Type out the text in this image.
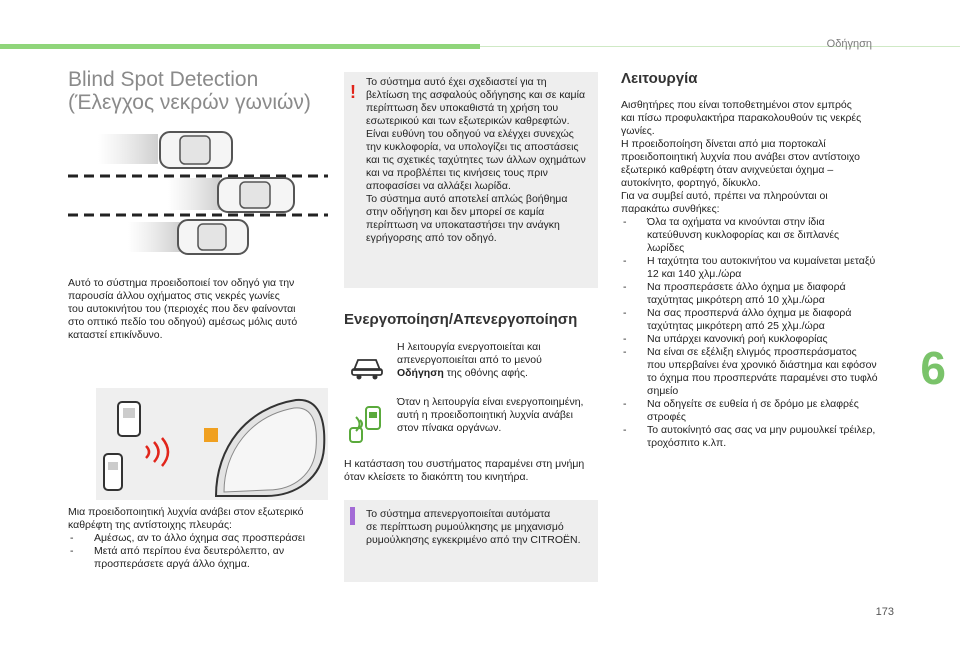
Οδήγηση
6
173
Blind Spot Detection
(Έλεγχος νεκρών γωνιών)

Αυτό το σύστημα προειδοποιεί τον οδηγό για την

παρουσία άλλου οχήματος στις νεκρές γωνίες

του αυτοκινήτου του (περιοχές που δεν φαίνονται

στο οπτικό πεδίο του οδηγού) αμέσως μόλις αυτό

καταστεί επικίνδυνο.

Μια προειδοποιητική λυχνία ανάβει στον εξωτερικό

καθρέφτη της αντίστοιχης πλευράς:

- Αμέσως, αν το άλλο όχημα σας προσπεράσει
- Μετά από περίπου ένα δευτερόλεπτο, αν
προσπεράσετε αργά άλλο όχημα.
! Το σύστημα αυτό έχει σχεδιαστεί για τη

βελτίωση της ασφαλούς οδήγησης και σε καμία

περίπτωση δεν υποκαθιστά τη χρήση του

εσωτερικού και των εξωτερικών καθρεφτών.

Είναι ευθύνη του οδηγού να ελέγχει συνεχώς

την κυκλοφορία, να υπολογίζει τις αποστάσεις

και τις σχετικές ταχύτητες των άλλων οχημάτων

και να προβλέπει τις κινήσεις τους πριν

αποφασίσει να αλλάξει λωρίδα.

Το σύστημα αυτό αποτελεί απλώς βοήθημα

στην οδήγηση και δεν μπορεί σε καμία

περίπτωση να υποκαταστήσει την ανάγκη

εγρήγορσης από τον οδηγό.

Ενεργοποίηση/Απενεργοποίηση

Η λειτουργία ενεργοποιείται και

απενεργοποιείται από το μενού

Οδήγηση της οθόνης αφής.

Όταν η λειτουργία είναι ενεργοποιημένη,

αυτή η προειδοποιητική λυχνία ανάβει

στον πίνακα οργάνων.

Η κατάσταση του συστήματος παραμένει στη μνήμη

όταν κλείσετε το διακόπτη του κινητήρα.

Το σύστημα απενεργοποιείται αυτόματα

σε περίπτωση ρυμούλκησης με μηχανισμό

ρυμούλκησης εγκεκριμένο από την CITROËN.

Λειτουργία

Αισθητήρες που είναι τοποθετημένοι στον εμπρός

και πίσω προφυλακτήρα παρακολουθούν τις νεκρές

γωνίες.

Η προειδοποίηση δίνεται από μια πορτοκαλί

προειδοποιητική λυχνία που ανάβει στον αντίστοιχο

εξωτερικό καθρέφτη όταν ανιχνεύεται όχημα –

αυτοκίνητο, φορτηγό, δίκυκλο.

Για να συμβεί αυτό, πρέπει να πληρούνται οι

παρακάτω συνθήκες:

- Όλα τα οχήματα να κινούνται στην ίδια
κατεύθυνση κυκλοφορίας και σε διπλανές
λωρίδες
- Η ταχύτητα του αυτοκινήτου να κυμαίνεται μεταξύ
12 και 140 χλμ./ώρα
- Να προσπεράσετε άλλο όχημα με διαφορά
ταχύτητας μικρότερη από 10 χλμ./ώρα
- Να σας προσπερνά άλλο όχημα με διαφορά
ταχύτητας μικρότερη από 25 χλμ./ώρα
- Να υπάρχει κανονική ροή κυκλοφορίας
- Να είναι σε εξέλιξη ελιγμός προσπεράσματος
που υπερβαίνει ένα χρονικό διάστημα και εφόσον
το όχημα που προσπερνάτε παραμένει στο τυφλό
σημείο
- Να οδηγείτε σε ευθεία ή σε δρόμο με ελαφρές
στροφές
- Το αυτοκίνητό σας σας να μην ρυμουλκεί τρέιλερ,
τροχόσπιτο κ.λπ.
